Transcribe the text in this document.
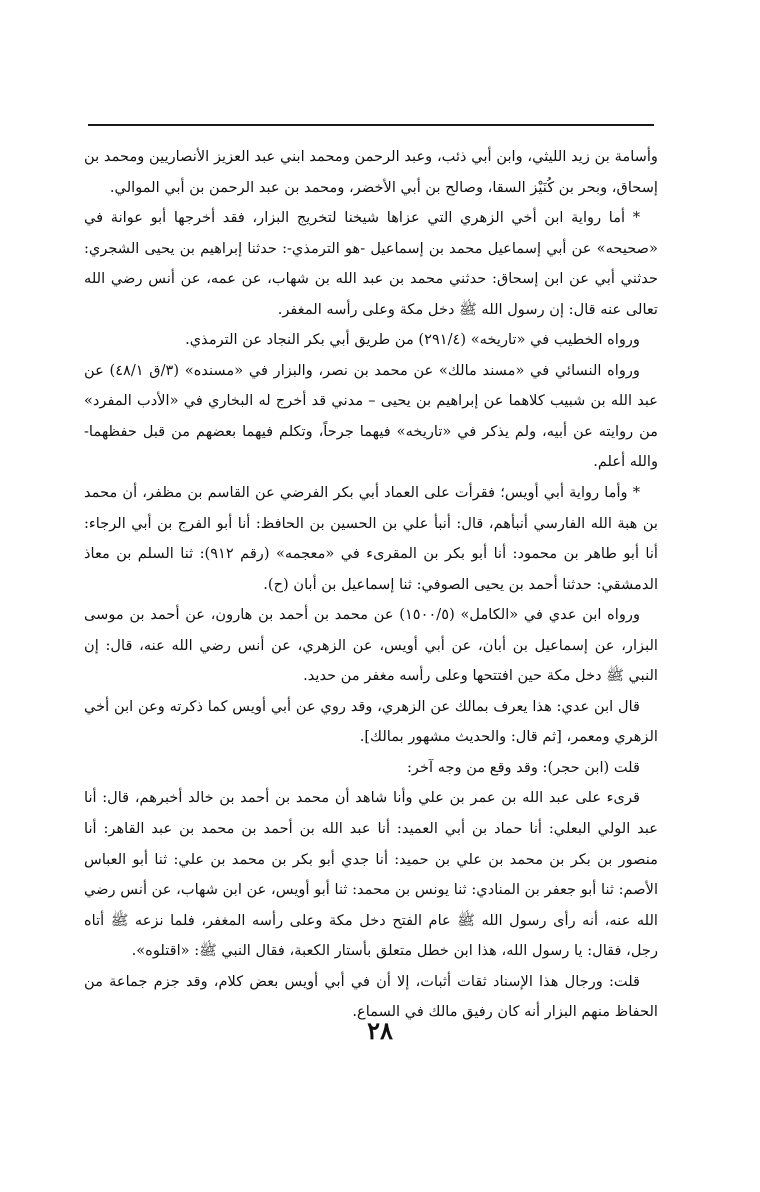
وأسامة بن زيد الليثي، وابن أبي ذئب، وعبد الرحمن ومحمد ابني عبد العزيز الأنصاريين ومحمد بن إسحاق، وبحر بن كُنَيْز السقا، وصالح بن أبي الأخضر، ومحمد بن عبد الرحمن بن أبي الموالي.

* أما رواية ابن أخي الزهري التي عزاها شيخنا لتخريج البزار، فقد أخرجها أبو عوانة في «صحيحه» عن أبي إسماعيل محمد بن إسماعيل -هو الترمذي-: حدثنا إبراهيم بن يحيى الشجري: حدثني أبي عن ابن إسحاق: حدثني محمد بن عبد الله بن شهاب، عن عمه، عن أنس رضي الله تعالى عنه قال: إن رسول الله ﷺ دخل مكة وعلى رأسه المغفر.

ورواه الخطيب في «تاريخه» (٢٩١/٤) من طريق أبي بكر النجاد عن الترمذي.

ورواه النسائي في «مسند مالك» عن محمد بن نصر، والبزار في «مسنده» (٣/ق ٤٨/١) عن عبد الله بن شبيب كلاهما عن إبراهيم بن يحيى – مدني قد أخرج له البخاري في «الأدب المفرد» من روايته عن أبيه، ولم يذكر في «تاريخه» فيهما جرحاً، وتكلم فيهما بعضهم من قبل حفظهما- والله أعلم.

* وأما رواية أبي أويس؛ فقرأت على العماد أبي بكر الفرضي عن القاسم بن مظفر، أن محمد بن هبة الله الفارسي أنبأهم، قال: أنبأ علي بن الحسين بن الحافظ: أنا أبو الفرج بن أبي الرجاء: أنا أبو طاهر بن محمود: أنا أبو بكر بن المقرىء في «معجمه» (رقم ٩١٢): ثنا السلم بن معاذ الدمشقي: حدثنا أحمد بن يحيى الصوفي: ثنا إسماعيل بن أبان (ح).

ورواه ابن عدي في «الكامل» (١٥٠٠/٥) عن محمد بن أحمد بن هارون، عن أحمد بن موسى البزار، عن إسماعيل بن أبان، عن أبي أويس، عن الزهري، عن أنس رضي الله عنه، قال: إن النبي ﷺ دخل مكة حين افتتحها وعلى رأسه مغفر من حديد.

قال ابن عدي: هذا يعرف بمالك عن الزهري، وقد روي عن أبي أويس كما ذكرته وعن ابن أخي الزهري ومعمر، [ثم قال: والحديث مشهور بمالك].

قلت (ابن حجر): وقد وقع من وجه آخر:

قرىء على عبد الله بن عمر بن علي وأنا شاهد أن محمد بن أحمد بن خالد أخبرهم، قال: أنا عبد الولي البعلي: أنا حماد بن أبي العميد: أنا عبد الله بن أحمد بن محمد بن عبد القاهر: أنا منصور بن بكر بن محمد بن علي بن حميد: أنا جدي أبو بكر بن محمد بن علي: ثنا أبو العباس الأصم: ثنا أبو جعفر بن المنادي: ثنا يونس بن محمد: ثنا أبو أويس، عن ابن شهاب، عن أنس رضي الله عنه، أنه رأى رسول الله ﷺ عام الفتح دخل مكة وعلى رأسه المغفر، فلما نزعه ﷺ أتاه رجل، فقال: يا رسول الله، هذا ابن خطل متعلق بأستار الكعبة، فقال النبي ﷺ: «اقتلوه».

قلت: ورجال هذا الإسناد ثقات أثبات، إلا أن في أبي أويس بعض كلام، وقد جزم جماعة من الحفاظ منهم البزار أنه كان رفيق مالك في السماع.

٢٨
